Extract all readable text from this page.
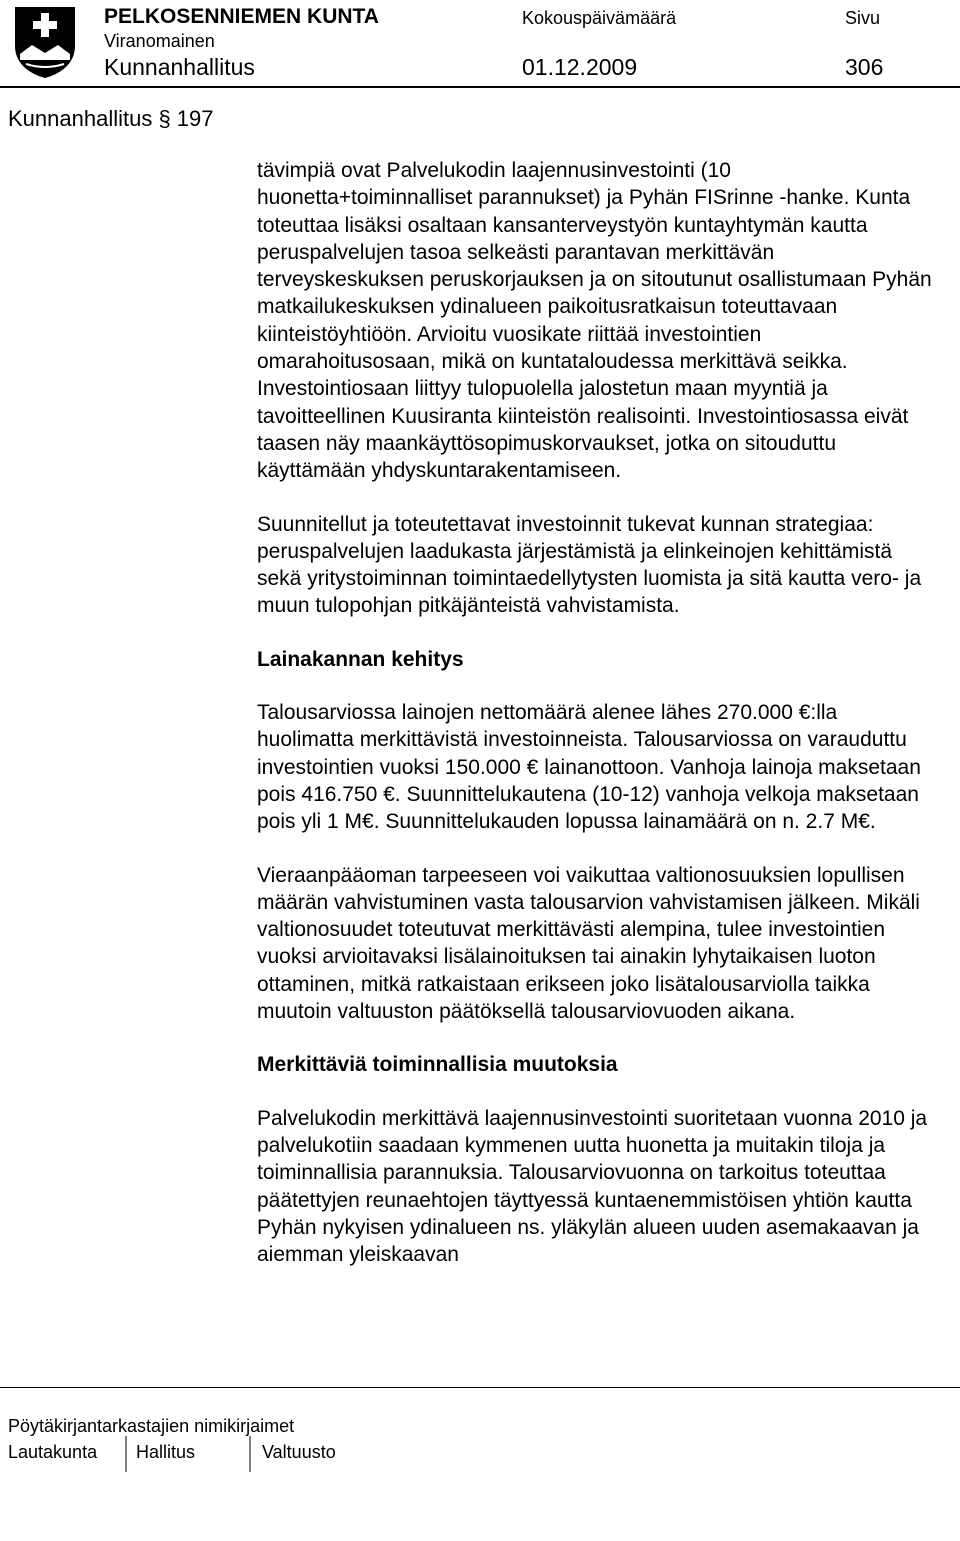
PELKOSENNIEMEN KUNTA
Viranomainen
Kokouspäivämäärä	Sivu
Kunnanhallitus	01.12.2009	306
Kunnanhallitus § 197

tävimpiä ovat Palvelukodin laajennusinvestointi (10 huonetta+toiminnalliset parannukset) ja Pyhän FISrinne -hanke. Kunta toteuttaa lisäksi osaltaan kansanterveystyön kuntayhtymän kautta peruspalvelujen tasoa selkeästi parantavan merkittävän terveyskeskuksen peruskorjauksen ja on sitoutunut osallistumaan Pyhän matkailukeskuksen ydinalueen paikoitusratkaisun toteuttavaan kiinteistöyhtiöön. Arvioitu vuosikate riittää investointien omarahoitusosaan, mikä on kuntataloudessa merkittävä seikka. Investointiosaan liittyy tulopuolella jalostetun maan myyntiä ja tavoitteellinen Kuusiranta kiinteistön realisointi. Investointiosassa eivät taasen näy maankäyttösopimuskorvaukset, jotka on sitouduttu käyttämään yhdyskuntarakentamiseen.

Suunnitellut ja toteutettavat investoinnit tukevat kunnan strategiaa: peruspalvelujen laadukasta järjestämistä ja elinkeinojen kehittämistä sekä yritystoiminnan toimintaedellytysten luomista ja sitä kautta vero- ja muun tulopohjan pitkäjänteistä vahvistamista.

Lainakannan kehitys

Talousarviossa lainojen nettomäärä alenee lähes 270.000 €:lla huolimatta merkittävistä investoinneista. Talousarviossa on varauduttu investointien vuoksi 150.000 € lainanottoon. Vanhoja lainoja maksetaan pois 416.750 €. Suunnittelukautena (10-12) vanhoja velkoja maksetaan pois yli 1 M€. Suunnittelukauden lopussa lainamäärä on n. 2.7 M€.

Vieraanpääoman tarpeeseen voi vaikuttaa valtionosuuksien lopullisen määrän vahvistuminen vasta talousarvion vahvistamisen jälkeen. Mikäli valtionosuudet toteutuvat merkittävästi alempina, tulee investointien vuoksi arvioitavaksi lisälainoituksen tai ainakin lyhytaikaisen luoton ottaminen, mitkä ratkaistaan erikseen joko lisätalousarviolla taikka muutoin valtuuston päätöksellä talousarviovuoden aikana.

Merkittäviä toiminnallisia muutoksia

Palvelukodin merkittävä laajennusinvestointi suoritetaan vuonna 2010 ja palvelukotiin saadaan kymmenen uutta huonetta ja muitakin tiloja ja toiminnallisia parannuksia. Talousarviovuonna on tarkoitus toteuttaa päätettyjen reunaehtojen täyttyessä kuntaenemmistöisen yhtiön kautta Pyhän nykyisen ydinalueen ns. yläkylän alueen uuden asemakaavan ja aiemman yleiskaavan

Pöytäkirjantarkastajien nimikirjaimet
Lautakunta Hallitus	Valtuusto
